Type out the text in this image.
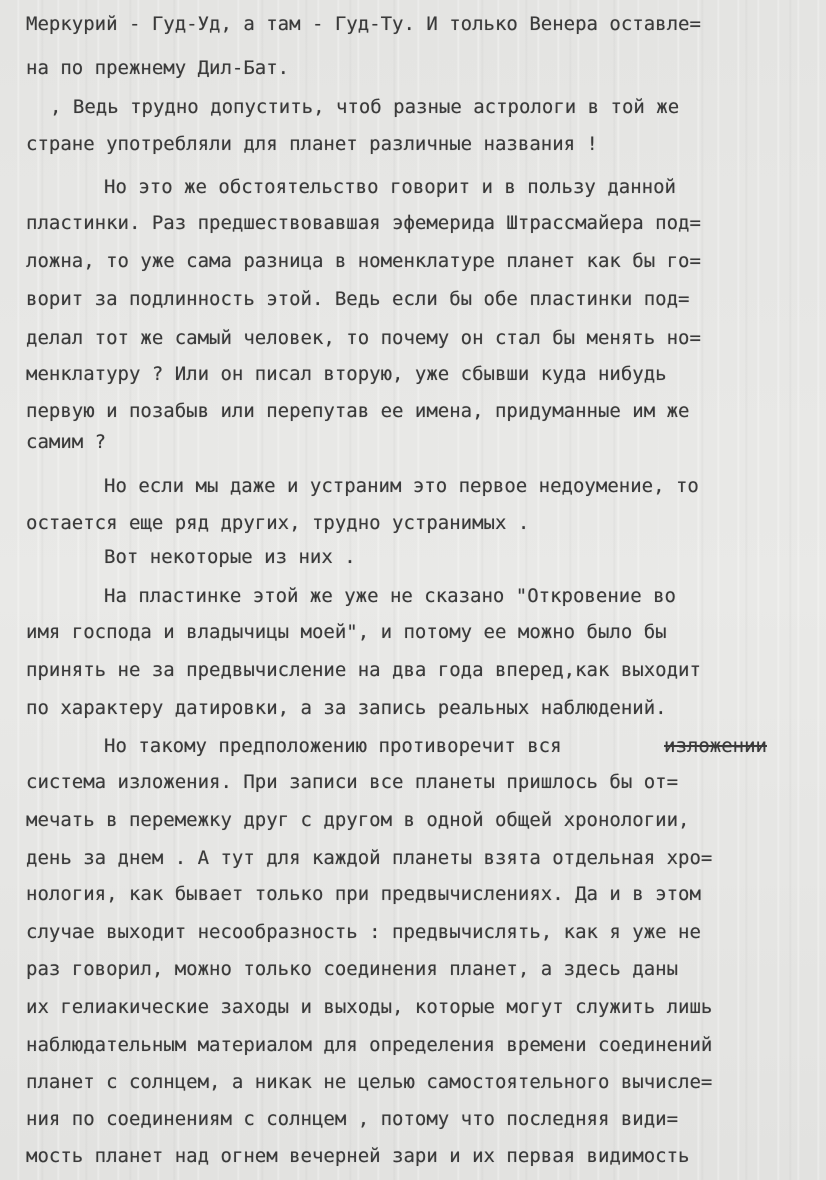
Меркурий - Гуд-Уд, а там - Гуд-Ту. И только Венера оставле=
на по прежнему Дил-Бат.
, Ведь трудно допустить, чтоб разные астрологи в той же
стране употребляли для планет различные названия !
Но это же обстоятельство говорит и в пользу данной
пластинки. Раз предшествовавшая эфемерида Штрассмайера под=
ложна, то уже сама разница в номенклатуре планет как бы го=
ворит за подлинность этой. Ведь если бы обе пластинки под=
делал тот же самый человек, то почему он стал бы менять но=
менклатуру ? Или он писал вторую, уже сбывши куда нибудь
первую и позабыв или перепутав ее имена, придуманные им же
самим ?
Но если мы даже и устраним это первое недоумение, то
остается еще ряд других, трудно устранимых .
Вот некоторые из них .
На пластинке этой же уже не сказано "Откровение во
имя господа и владычицы моей", и потому ее можно было бы
принять не за предвычисление на два года вперед,как выходит
по характеру датировки, а за запись реальных наблюдений.
Но такому предположению противоречит вся	изложении
система изложения. При записи все планеты пришлось бы от=
мечать в перемежку друг с другом в одной общей хронологии,
день за днем . А тут для каждой планеты взята отдельная хро=
нология, как бывает только при предвычислениях. Да и в этом
случае выходит несообразность : предвычислять, как я уже не
раз говорил, можно только соединения планет, а здесь даны
их гелиакические заходы и выходы, которые могут служить лишь
наблюдательным материалом для определения времени соединений
планет с солнцем, а никак не целью самостоятельного вычисле=
ния по соединениям с солнцем , потому что последняя види=
мость планет над огнем вечерней зари и их первая видимость
